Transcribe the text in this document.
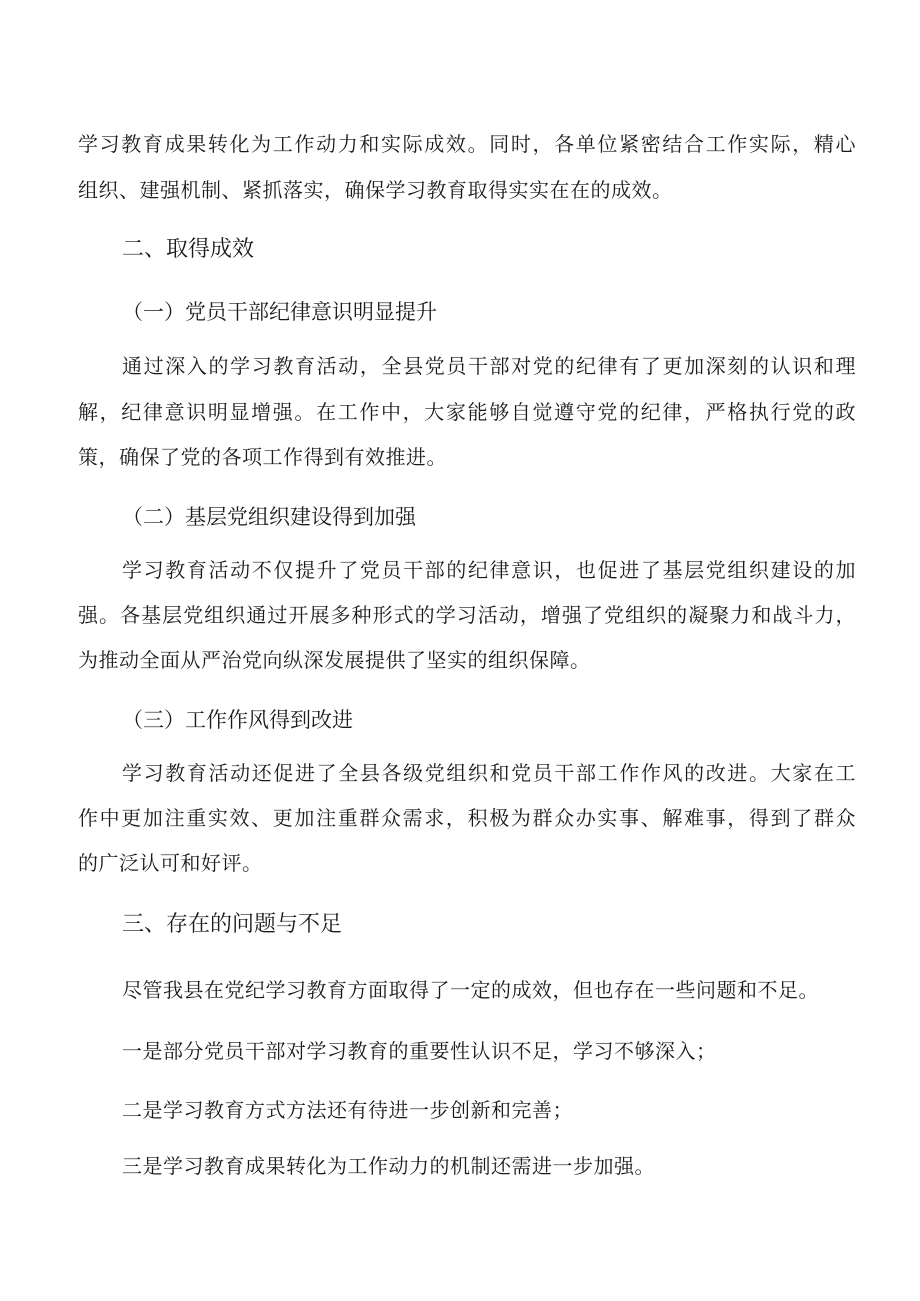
学习教育成果转化为工作动力和实际成效。同时，各单位紧密结合工作实际，精心
组织、建强机制、紧抓落实，确保学习教育取得实实在在的成效。
二、取得成效
（一）党员干部纪律意识明显提升
通过深入的学习教育活动，全县党员干部对党的纪律有了更加深刻的认识和理
解，纪律意识明显增强。在工作中，大家能够自觉遵守党的纪律，严格执行党的政
策，确保了党的各项工作得到有效推进。
（二）基层党组织建设得到加强
学习教育活动不仅提升了党员干部的纪律意识，也促进了基层党组织建设的加
强。各基层党组织通过开展多种形式的学习活动，增强了党组织的凝聚力和战斗力，
为推动全面从严治党向纵深发展提供了坚实的组织保障。
（三）工作作风得到改进
学习教育活动还促进了全县各级党组织和党员干部工作作风的改进。大家在工
作中更加注重实效、更加注重群众需求，积极为群众办实事、解难事，得到了群众
的广泛认可和好评。
三、存在的问题与不足
尽管我县在党纪学习教育方面取得了一定的成效，但也存在一些问题和不足。
一是部分党员干部对学习教育的重要性认识不足，学习不够深入；
二是学习教育方式方法还有待进一步创新和完善；
三是学习教育成果转化为工作动力的机制还需进一步加强。
